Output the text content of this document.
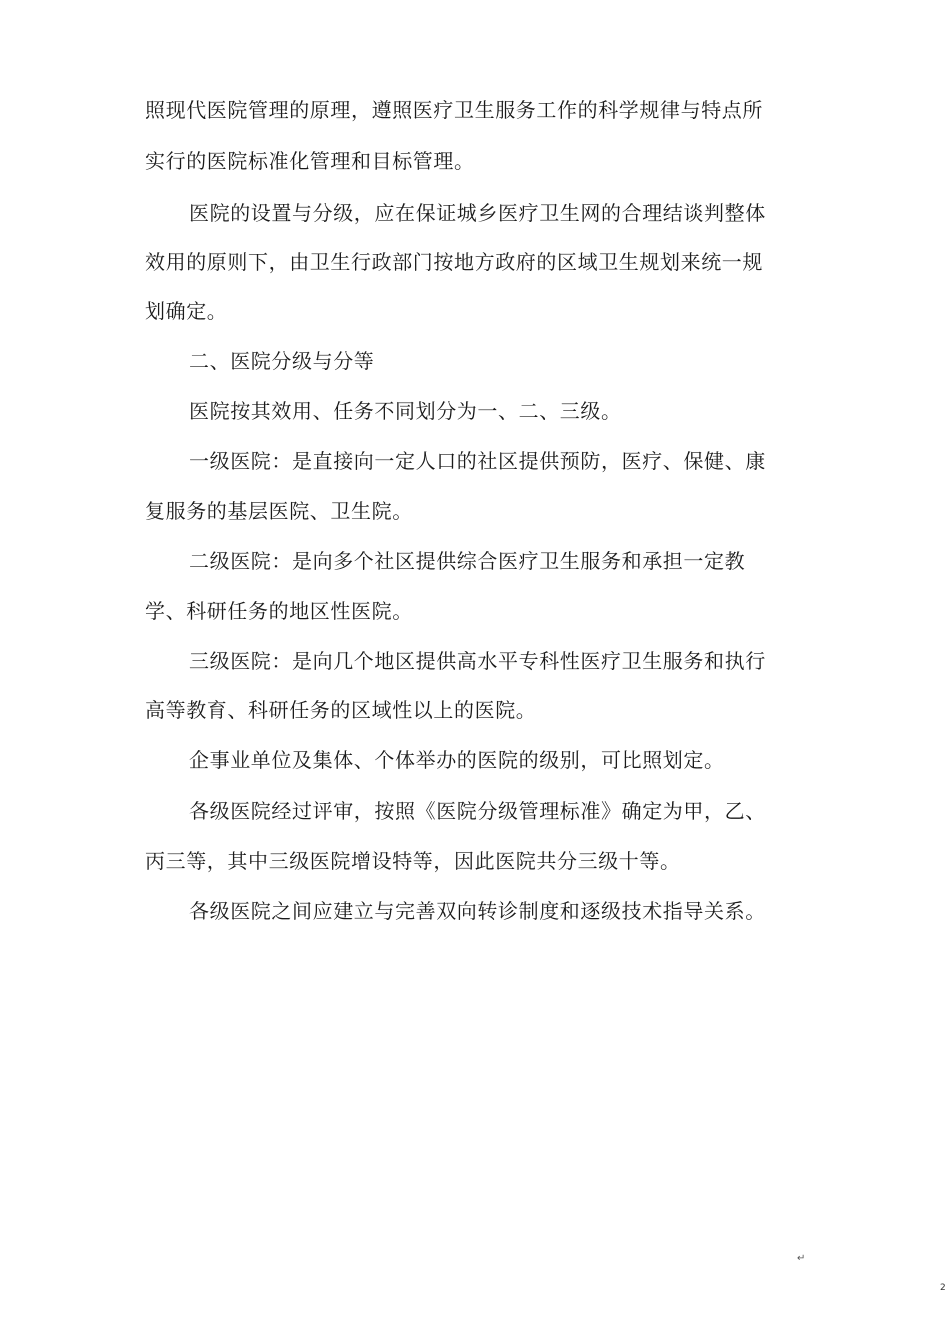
照现代医院管理的原理，遵照医疗卫生服务工作的科学规律与特点所
实行的医院标准化管理和目标管理。
医院的设置与分级，应在保证城乡医疗卫生网的合理结谈判整体
效用的原则下，由卫生行政部门按地方政府的区域卫生规划来统一规
划确定。
二、医院分级与分等
医院按其效用、任务不同划分为一、二、三级。
一级医院：是直接向一定人口的社区提供预防，医疗、保健、康
复服务的基层医院、卫生院。
二级医院：是向多个社区提供综合医疗卫生服务和承担一定教
学、科研任务的地区性医院。
三级医院：是向几个地区提供高水平专科性医疗卫生服务和执行
高等教育、科研任务的区域性以上的医院。
企事业单位及集体、个体举办的医院的级别，可比照划定。
各级医院经过评审，按照《医院分级管理标准》确定为甲，乙、
丙三等，其中三级医院增设特等，因此医院共分三级十等。
各级医院之间应建立与完善双向转诊制度和逐级技术指导关系。
↵
2
